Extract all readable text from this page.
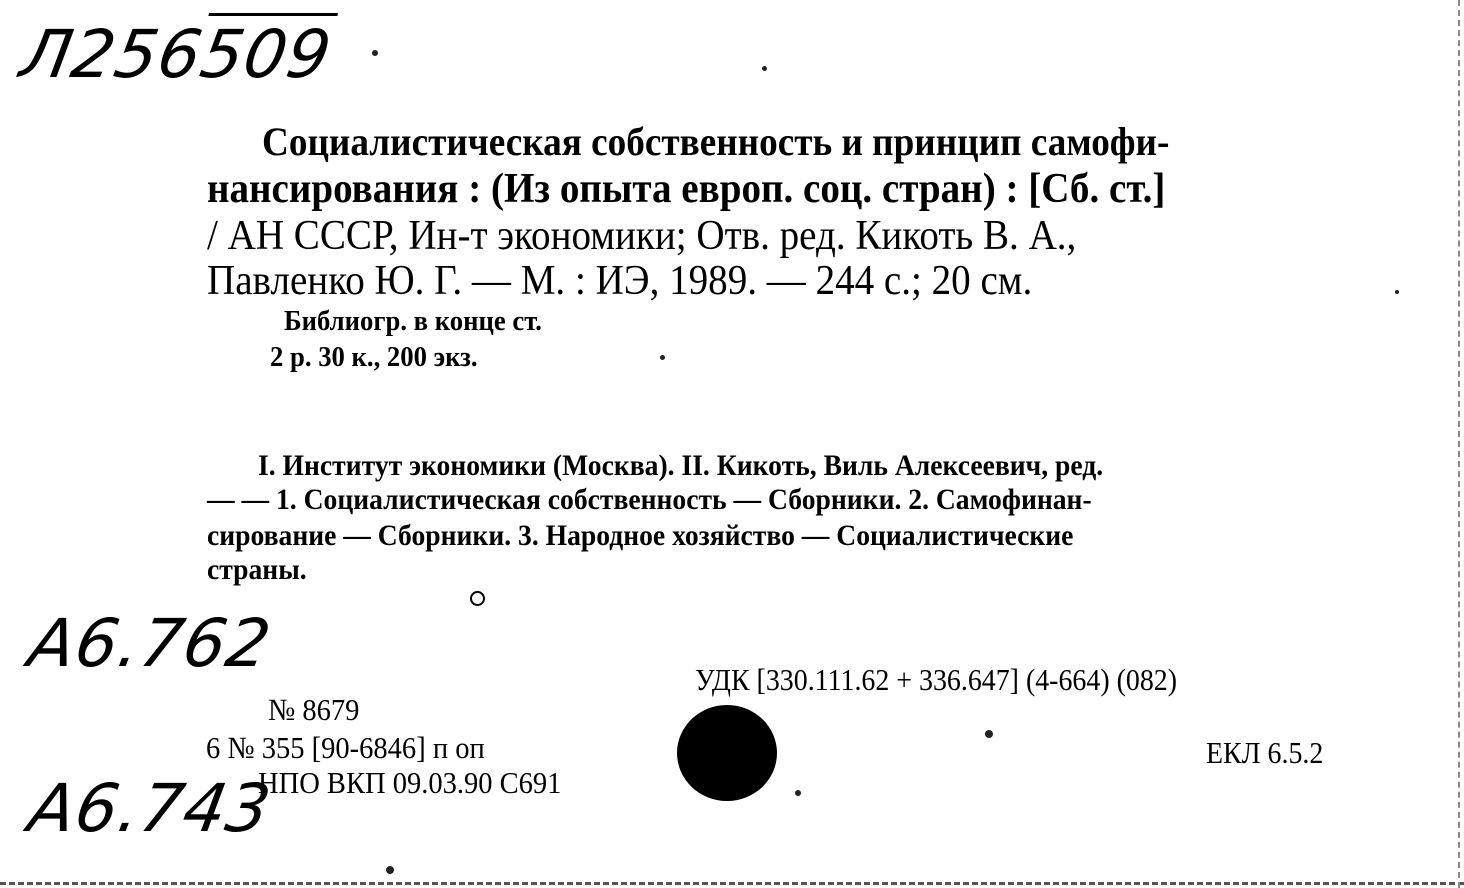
Л256509
Социалистическая собственность и принцип самофи-
нансирования : (Из опыта европ. соц. стран) : [Сб. ст.]
/ АН СССР, Ин-т экономики; Отв. ред. Кикоть В. А.,
Павленко Ю. Г. — М. : ИЭ, 1989. — 244 с.; 20 см.
Библиогр. в конце ст.
2 р. 30 к., 200 экз.
I. Институт экономики (Москва). II. Кикоть, Виль Алексеевич, ред.
— — 1. Социалистическая собственность — Сборники. 2. Самофинан-
сирование — Сборники. 3. Народное хозяйство — Социалистические
страны.
А6.762	УДК [330.111.62 + 336.647] (4-664) (082)
№ 8679
6 № 355 [90-6846] п оп
НПО ВКП 09.03.90 С691
ЕКЛ 6.5.2
А6.743
